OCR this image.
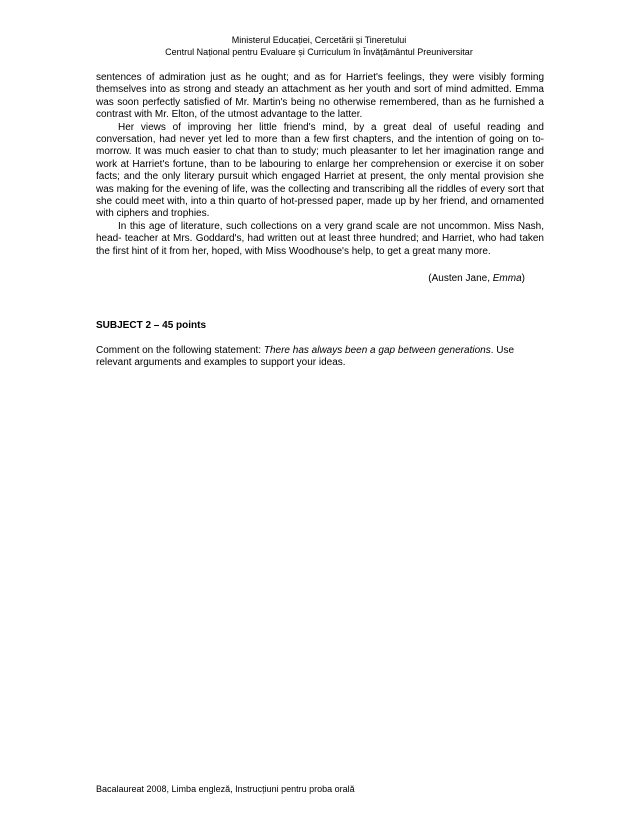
Ministerul Educației, Cercetării și Tineretului
Centrul Național pentru Evaluare și Curriculum în Învățământul Preuniversitar

sentences of admiration just as he ought; and as for Harriet's feelings, they were visibly forming themselves into as strong and steady an attachment as her youth and sort of mind admitted. Emma was soon perfectly satisfied of Mr. Martin's being no otherwise remembered, than as he furnished a contrast with Mr. Elton, of the utmost advantage to the latter.

Her views of improving her little friend's mind, by a great deal of useful reading and conversation, had never yet led to more than a few first chapters, and the intention of going on to-morrow. It was much easier to chat than to study; much pleasanter to let her imagination range and work at Harriet's fortune, than to be labouring to enlarge her comprehension or exercise it on sober facts; and the only literary pursuit which engaged Harriet at present, the only mental provision she was making for the evening of life, was the collecting and transcribing all the riddles of every sort that she could meet with, into a thin quarto of hot-pressed paper, made up by her friend, and ornamented with ciphers and trophies.

In this age of literature, such collections on a very grand scale are not uncommon. Miss Nash, head- teacher at Mrs. Goddard's, had written out at least three hundred; and Harriet, who had taken the first hint of it from her, hoped, with Miss Woodhouse's help, to get a great many more.

(Austen Jane, Emma)
SUBJECT 2 – 45 points
Comment on the following statement: There has always been a gap between generations. Use relevant arguments and examples to support your ideas.
Bacalaureat 2008, Limba engleză, Instrucțiuni pentru proba orală
